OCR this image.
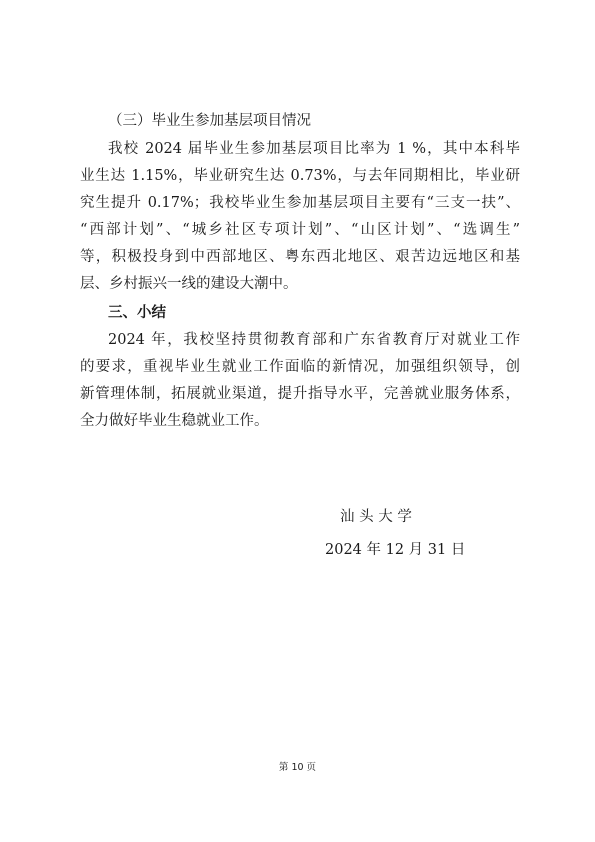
（三）毕业生参加基层项目情况
我校 2024 届毕业生参加基层项目比率为 1 %，其中本科毕
业生达 1.15%，毕业研究生达 0.73%，与去年同期相比，毕业研
究生提升 0.17%；我校毕业生参加基层项目主要有“三支一扶”、
“西部计划”、“城乡社区专项计划”、“山区计划”、“选调生”
等，积极投身到中西部地区、粤东西北地区、艰苦边远地区和基
层、乡村振兴一线的建设大潮中。
三、小结
2024 年，我校坚持贯彻教育部和广东省教育厅对就业工作
的要求，重视毕业生就业工作面临的新情况，加强组织领导，创
新管理体制，拓展就业渠道，提升指导水平，完善就业服务体系，
全力做好毕业生稳就业工作。
汕 头 大 学
2024 年 12 月 31 日
第 10 页
